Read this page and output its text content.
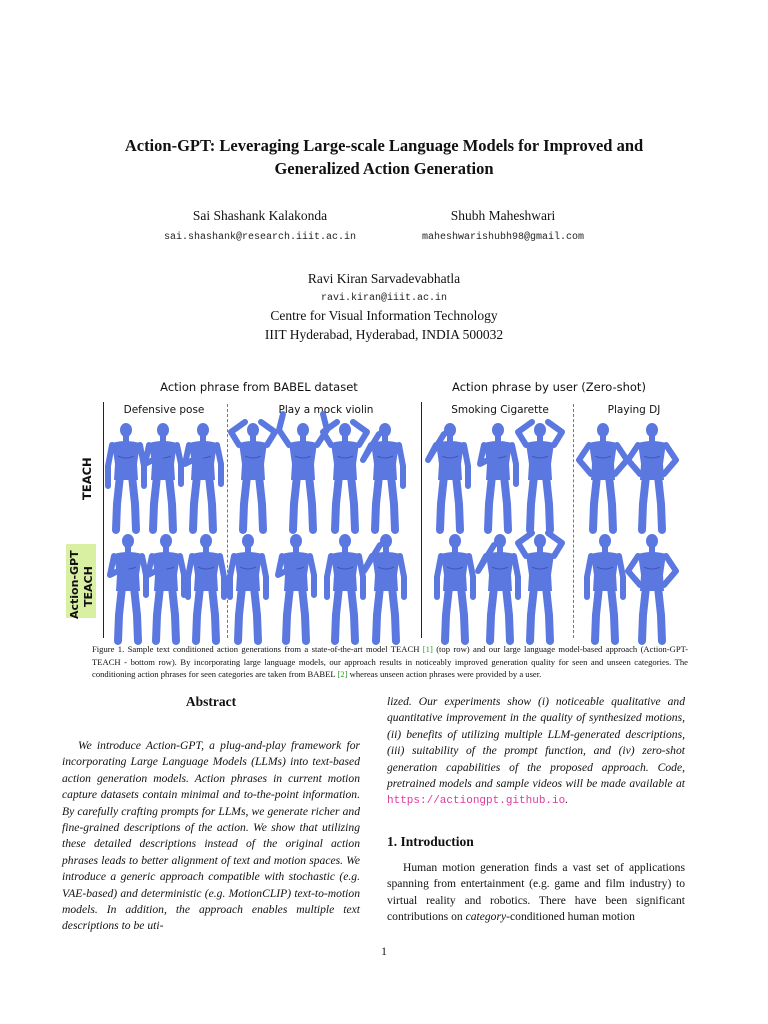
Action-GPT: Leveraging Large-scale Language Models for Improved and
Generalized Action Generation
Sai Shashank Kalakonda
sai.shashank@research.iiit.ac.in
Shubh Maheshwari
maheshwarishubh98@gmail.com
Ravi Kiran Sarvadevabhatla
ravi.kiran@iiit.ac.in
Centre for Visual Information Technology
IIIT Hyderabad, Hyderabad, INDIA 500032
Action phrase from BABEL dataset	Action phrase by user (Zero-shot)
Defensive pose	Play a mock violin	Smoking Cigarette	Playing DJ
TEACH
Action-GPT TEACH
Figure 1. Sample text conditioned action generations from a state-of-the-art model TEACH [1] (top row) and our large language model-based approach (Action-GPT-TEACH - bottom row). By incorporating large language models, our approach results in noticeably improved generation quality for seen and unseen categories. The conditioning action phrases for seen categories are taken from BABEL [2] whereas unseen action phrases were provided by a user.
Abstract
We introduce Action-GPT, a plug-and-play framework for incorporating Large Language Models (LLMs) into text-based action generation models. Action phrases in current motion capture datasets contain minimal and to-the-point information. By carefully crafting prompts for LLMs, we generate richer and fine-grained descriptions of the action. We show that utilizing these detailed descriptions instead of the original action phrases leads to better alignment of text and motion spaces. We introduce a generic approach compatible with stochastic (e.g. VAE-based) and deterministic (e.g. MotionCLIP) text-to-motion models. In addition, the approach enables multiple text descriptions to be uti-
lized. Our experiments show (i) noticeable qualitative and quantitative improvement in the quality of synthesized motions, (ii) benefits of utilizing multiple LLM-generated descriptions, (iii) suitability of the prompt function, and (iv) zero-shot generation capabilities of the proposed approach. Code, pretrained models and sample videos will be made available at https://actiongpt.github.io.
1. Introduction
Human motion generation finds a vast set of applications spanning from entertainment (e.g. game and film industry) to virtual reality and robotics. There have been significant contributions on category-conditioned human motion
1
